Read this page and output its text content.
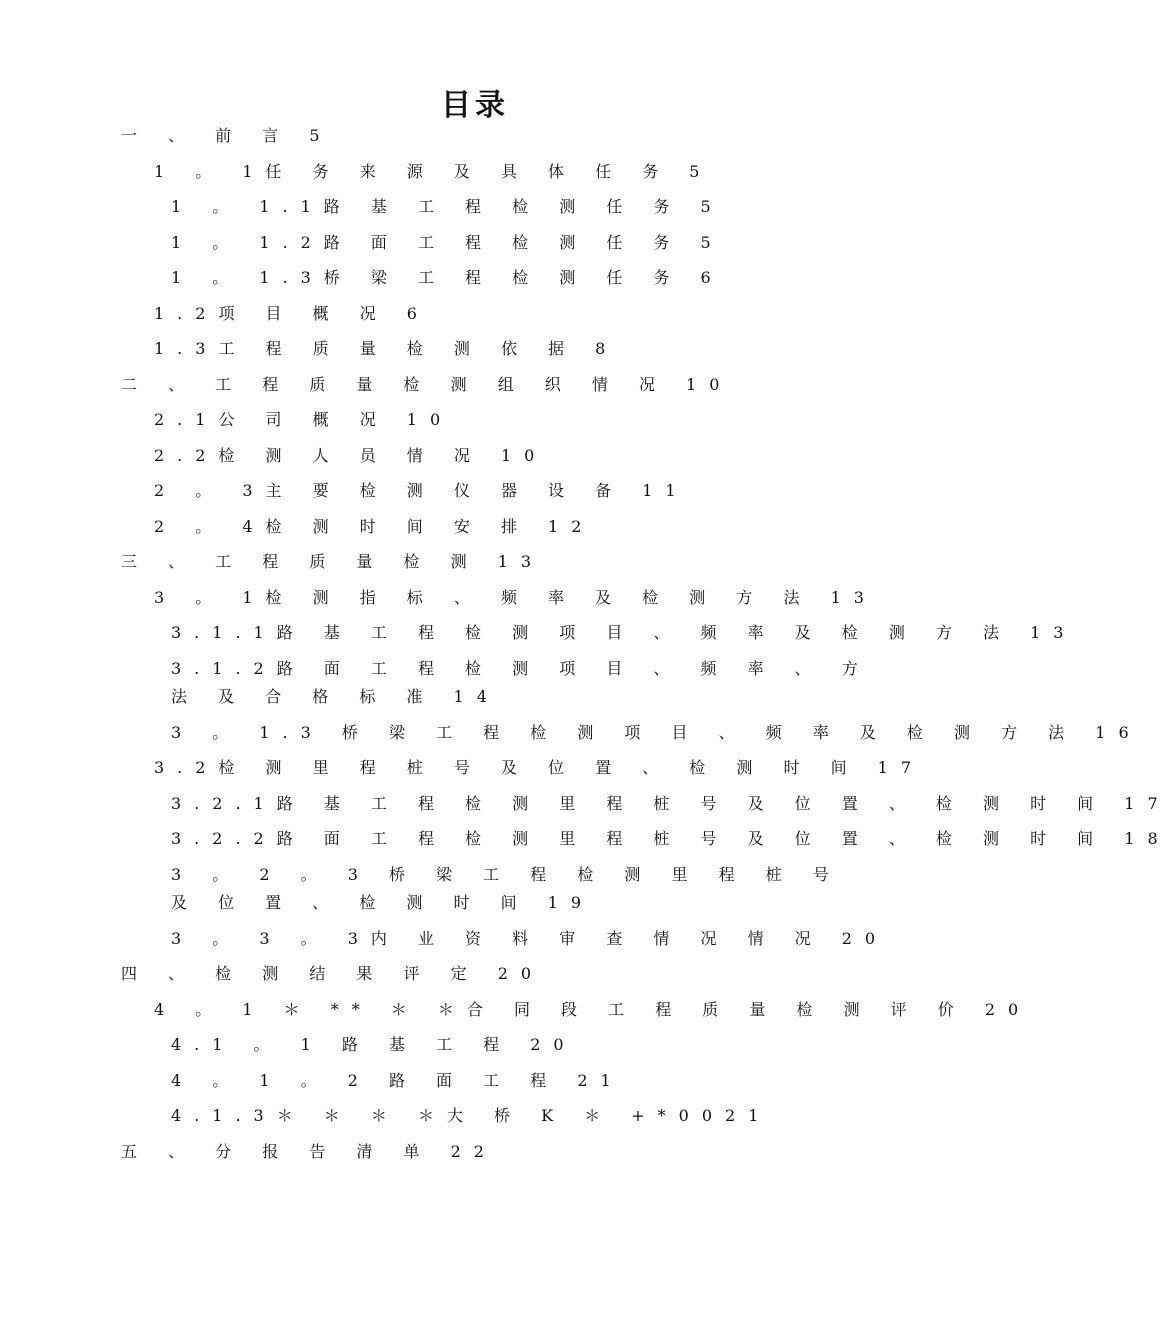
目录
一 、 前 言 5
1 。 1任 务 来 源 及 具 体 任 务 5
1 。 1.1路 基 工 程 检 测 任 务 5
1 。 1.2路 面 工 程 检 测 任 务 5
1 。 1.3桥 梁 工 程 检 测 任 务 6
1.2项 目 概 况 6
1.3工 程 质 量 检 测 依 据 8
二 、 工 程 质 量 检 测 组 织 情 况 10
2.1公 司 概 况 10
2.2检 测 人 员 情 况 10
2 。 3主 要 检 测 仪 器 设 备 11
2 。 4检 测 时 间 安 排 12
三 、 工 程 质 量 检 测 13
3 。 1检 测 指 标 、 频 率 及 检 测 方 法 13
3.1.1路 基 工 程 检 测 项 目 、 频 率 及 检 测 方 法 13
3.1.2路 面 工 程 检 测 项 目 、 频 率 、 方 法 及 合 格 标 准 14
3 。 1.3 桥 梁 工 程 检 测 项 目 、 频 率 及 检 测 方 法 16
3.2检 测 里 程 桩 号 及 位 置 、 检 测 时 间 17
3.2.1路 基 工 程 检 测 里 程 桩 号 及 位 置 、 检 测 时 间 17
3.2.2路 面 工 程 检 测 里 程 桩 号 及 位 置 、 检 测 时 间 18
3 。 2 。 3 桥 梁 工 程 检 测 里 程 桩 号 及 位 置 、 检 测 时 间 19
3 。 3 。 3内 业 资 料 审 查 情 况 情 况 20
四 、 检 测 结 果 评 定 20
4 。 1 ＊ ** ＊ ＊合 同 段 工 程 质 量 检 测 评 价 20
4.1 。 1 路 基 工 程 20
4 。 1 。 2 路 面 工 程 21
4.1.3＊ ＊ ＊ ＊大 桥 K ＊ +*0021
五 、 分 报 告 清 单 22
